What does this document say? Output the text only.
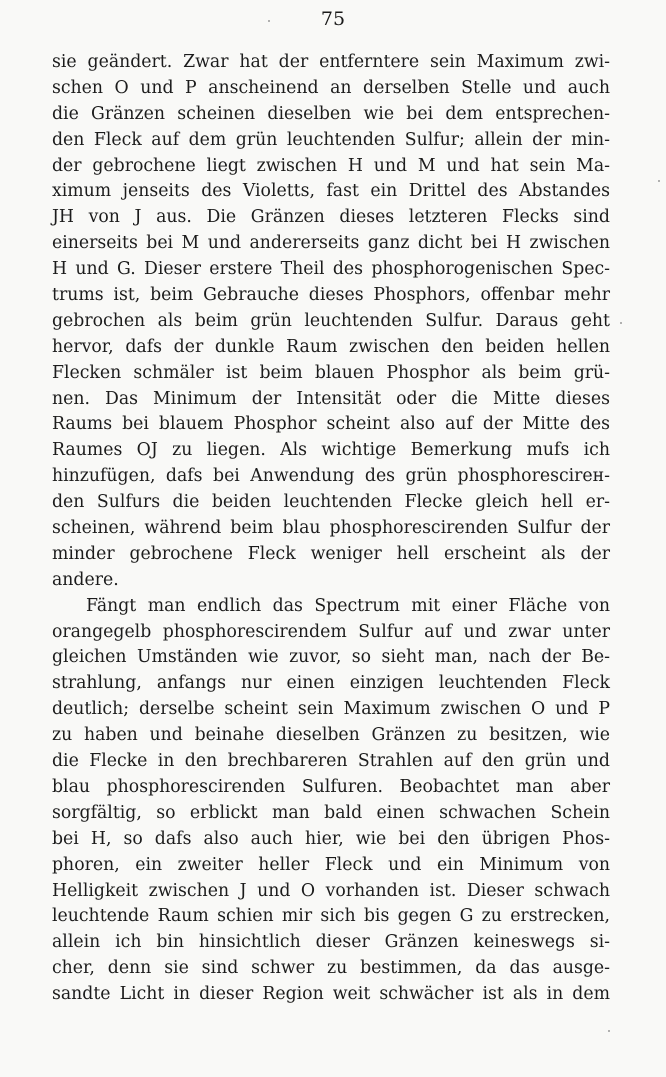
75
sie geändert. Zwar hat der entferntere sein Maximum zwi-
schen O und P anscheinend an derselben Stelle und auch
die Gränzen scheinen dieselben wie bei dem entsprechen-
den Fleck auf dem grün leuchtenden Sulfur; allein der min-
der gebrochene liegt zwischen H und M und hat sein Ma-
ximum jenseits des Violetts, fast ein Drittel des Abstandes
JH von J aus. Die Gränzen dieses letzteren Flecks sind
einerseits bei M und andererseits ganz dicht bei H zwischen
H und G. Dieser erstere Theil des phosphorogenischen Spec-
trums ist, beim Gebrauche dieses Phosphors, offenbar mehr
gebrochen als beim grün leuchtenden Sulfur. Daraus geht
hervor, dafs der dunkle Raum zwischen den beiden hellen
Flecken schmäler ist beim blauen Phosphor als beim grü-
nen. Das Minimum der Intensität oder die Mitte dieses
Raums bei blauem Phosphor scheint also auf der Mitte des
Raumes OJ zu liegen. Als wichtige Bemerkung mufs ich
hinzufügen, dafs bei Anwendung des grün phosphorescirен-
den Sulfurs die beiden leuchtenden Flecke gleich hell er-
scheinen, während beim blau phosphorescirenden Sulfur der
minder gebrochene Fleck weniger hell erscheint als der
andere.
Fängt man endlich das Spectrum mit einer Fläche von
orangegelb phosphorescirendem Sulfur auf und zwar unter
gleichen Umständen wie zuvor, so sieht man, nach der Be-
strahlung, anfangs nur einen einzigen leuchtenden Fleck
deutlich; derselbe scheint sein Maximum zwischen O und P
zu haben und beinahe dieselben Gränzen zu besitzen, wie
die Flecke in den brechbareren Strahlen auf den grün und
blau phosphorescirenden Sulfuren. Beobachtet man aber
sorgfältig, so erblickt man bald einen schwachen Schein
bei H, so dafs also auch hier, wie bei den übrigen Phos-
phoren, ein zweiter heller Fleck und ein Minimum von
Helligkeit zwischen J und O vorhanden ist. Dieser schwach
leuchtende Raum schien mir sich bis gegen G zu erstrecken,
allein ich bin hinsichtlich dieser Gränzen keineswegs si-
cher, denn sie sind schwer zu bestimmen, da das ausge-
sandte Licht in dieser Region weit schwächer ist als in dem
